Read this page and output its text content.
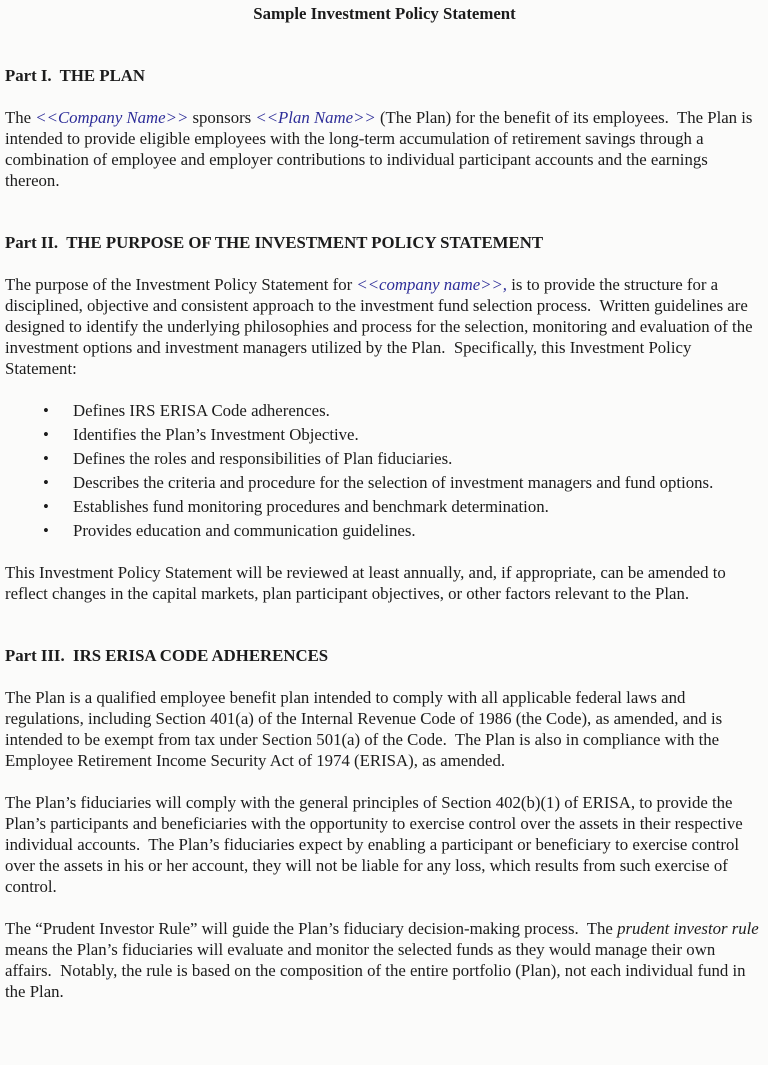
Sample Investment Policy Statement
Part I.  THE PLAN

The <<Company Name>> sponsors <<Plan Name>> (The Plan) for the benefit of its employees.  The Plan is intended to provide eligible employees with the long-term accumulation of retirement savings through a combination of employee and employer contributions to individual participant accounts and the earnings thereon.

Part II.  THE PURPOSE OF THE INVESTMENT POLICY STATEMENT

The purpose of the Investment Policy Statement for <<company name>>, is to provide the structure for a disciplined, objective and consistent approach to the investment fund selection process.  Written guidelines are designed to identify the underlying philosophies and process for the selection, monitoring and evaluation of the investment options and investment managers utilized by the Plan.  Specifically, this Investment Policy Statement:

• Defines IRS ERISA Code adherences.
• Identifies the Plan’s Investment Objective.
• Defines the roles and responsibilities of Plan fiduciaries.
• Describes the criteria and procedure for the selection of investment managers and fund options.
• Establishes fund monitoring procedures and benchmark determination.
• Provides education and communication guidelines.

This Investment Policy Statement will be reviewed at least annually, and, if appropriate, can be amended to reflect changes in the capital markets, plan participant objectives, or other factors relevant to the Plan.

Part III.  IRS ERISA CODE ADHERENCES

The Plan is a qualified employee benefit plan intended to comply with all applicable federal laws and regulations, including Section 401(a) of the Internal Revenue Code of 1986 (the Code), as amended, and is intended to be exempt from tax under Section 501(a) of the Code.  The Plan is also in compliance with the Employee Retirement Income Security Act of 1974 (ERISA), as amended.

The Plan’s fiduciaries will comply with the general principles of Section 402(b)(1) of ERISA, to provide the Plan’s participants and beneficiaries with the opportunity to exercise control over the assets in their respective individual accounts.  The Plan’s fiduciaries expect by enabling a participant or beneficiary to exercise control over the assets in his or her account, they will not be liable for any loss, which results from such exercise of control.

The “Prudent Investor Rule” will guide the Plan’s fiduciary decision-making process.  The prudent investor rule means the Plan’s fiduciaries will evaluate and monitor the selected funds as they would manage their own affairs.  Notably, the rule is based on the composition of the entire portfolio (Plan), not each individual fund in the Plan.
